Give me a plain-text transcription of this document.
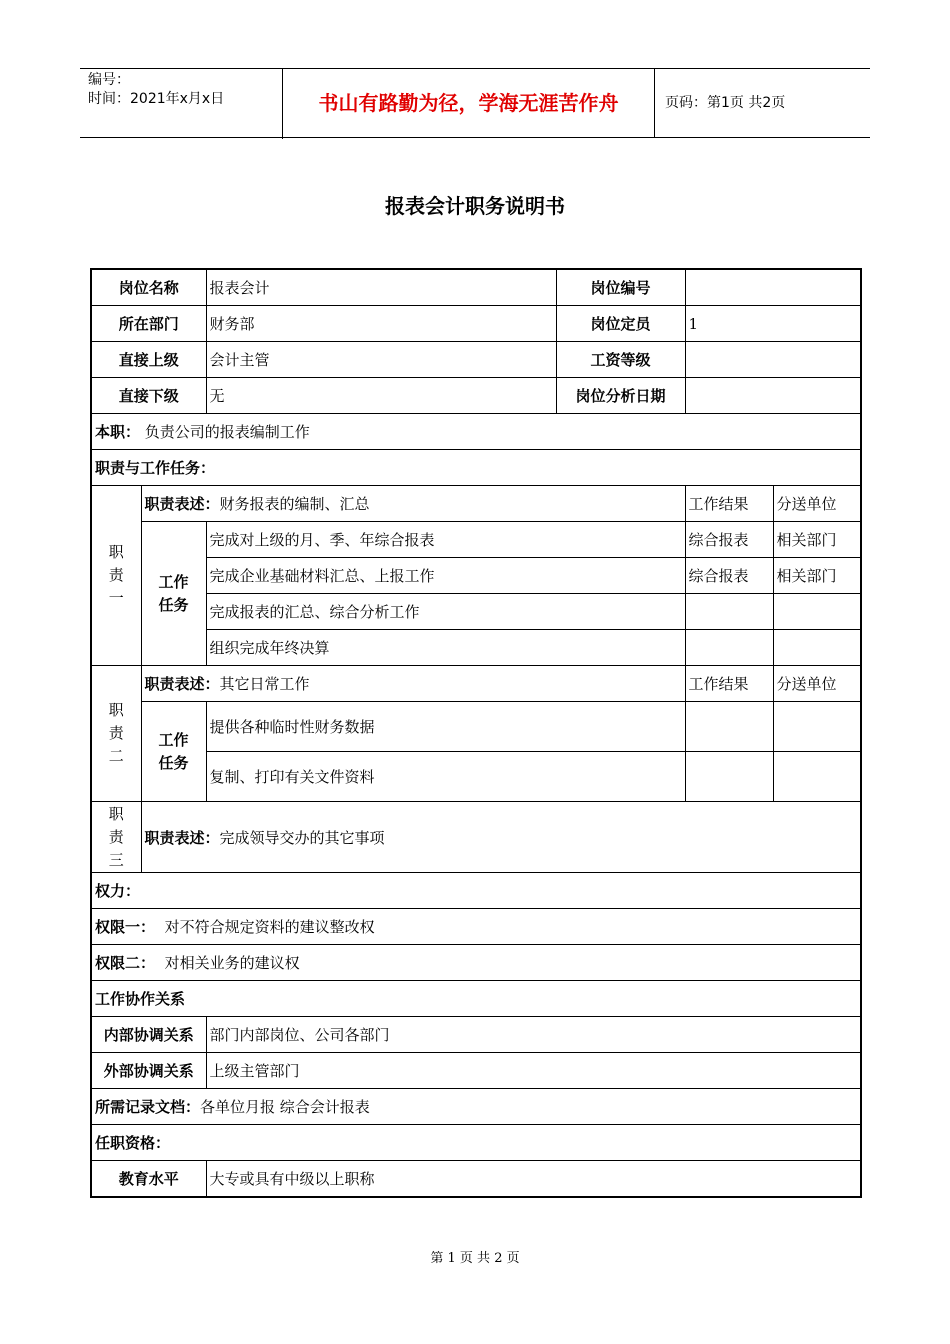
编号：
时间：2021年x月x日	书山有路勤为径，学海无涯苦作舟	页码：第1页 共2页
报表会计职务说明书
岗位名称		报表会计	岗位编号		
所在部门		财务部	岗位定员	1	
直接上级		会计主管	工资等级		
直接下级		无	岗位分析日期		
本职： 负责公司的报表编制工作					
职责与工作任务：					

职责一	职责表述：财务报表的编制、汇总			工作结果	分送单位

	工作任务	完成对上级的月、季、年综合报表		综合报表	相关部门
		完成企业基础材料汇总、上报工作		综合报表	相关部门
		完成报表的汇总、综合分析工作			
		组织完成年终决算			

职责二	职责表述：其它日常工作			工作结果	分送单位

	工作任务	提供各种临时性财务数据			
		复制、打印有关文件资料			

职责三	职责表述：完成领导交办的其它事项				
权力：					
权限一： 对不符合规定资料的建议整改权					
权限二： 对相关业务的建议权					
工作协作关系					
内部协调关系		部门内部岗位、公司各部门			
外部协调关系		上级主管部门			
所需记录文档：各单位月报 综合会计报表					
任职资格：					
教育水平		大专或具有中级以上职称			
第 1 页 共 2 页
